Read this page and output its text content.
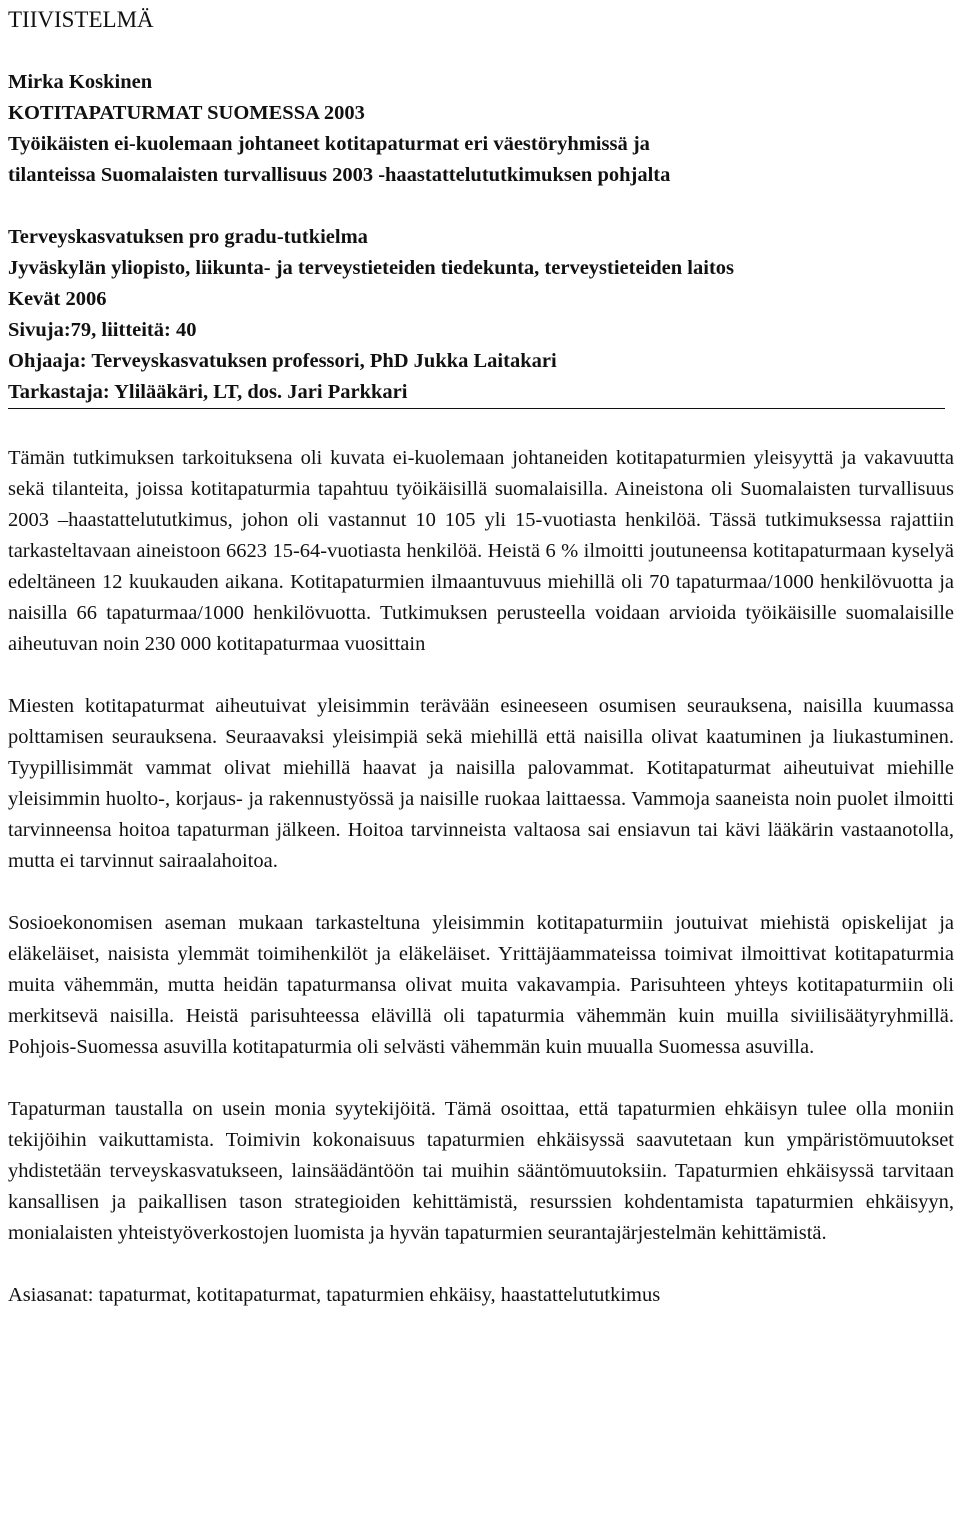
TIIVISTELMÄ
Mirka Koskinen
KOTITAPATURMAT SUOMESSA 2003
Työikäisten ei-kuolemaan johtaneet kotitapaturmat eri väestöryhmissä ja
tilanteissa Suomalaisten turvallisuus 2003 -haastattelututkimuksen pohjalta
Terveyskasvatuksen pro gradu-tutkielma
Jyväskylän yliopisto, liikunta- ja terveystieteiden tiedekunta, terveystieteiden laitos
Kevät 2006
Sivuja:79, liitteitä: 40
Ohjaaja: Terveyskasvatuksen professori, PhD Jukka Laitakari
Tarkastaja: Ylilääkäri, LT, dos. Jari Parkkari

Tämän tutkimuksen tarkoituksena oli kuvata ei-kuolemaan johtaneiden kotitapaturmien yleisyyttä ja vakavuutta sekä tilanteita, joissa kotitapaturmia tapahtuu työikäisillä suomalaisilla. Aineistona oli Suomalaisten turvallisuus 2003 –haastattelututkimus, johon oli vastannut 10 105 yli 15-vuotiasta henkilöä. Tässä tutkimuksessa rajattiin tarkasteltavaan aineistoon 6623 15-64-vuotiasta henkilöä. Heistä 6 % ilmoitti joutuneensa kotitapaturmaan kyselyä edeltäneen 12 kuukauden aikana. Kotitapaturmien ilmaantuvuus miehillä oli 70 tapaturmaa/1000 henkilövuotta ja naisilla 66 tapaturmaa/1000 henkilövuotta. Tutkimuksen perusteella voidaan arvioida työikäisille suomalaisille aiheutuvan noin 230 000 kotitapaturmaa vuosittain

Miesten kotitapaturmat aiheutuivat yleisimmin terävään esineeseen osumisen seurauksena, naisilla kuumassa polttamisen seurauksena. Seuraavaksi yleisimpiä sekä miehillä että naisilla olivat kaatuminen ja liukastuminen. Tyypillisimmät vammat olivat miehillä haavat ja naisilla palovammat. Kotitapaturmat aiheutuivat miehille yleisimmin huolto-, korjaus- ja rakennustyössä ja naisille ruokaa laittaessa. Vammoja saaneista noin puolet ilmoitti tarvinneensa hoitoa tapaturman jälkeen. Hoitoa tarvinneista valtaosa sai ensiavun tai kävi lääkärin vastaanotolla, mutta ei tarvinnut sairaalahoitoa.

Sosioekonomisen aseman mukaan tarkasteltuna yleisimmin kotitapaturmiin joutuivat miehistä opiskelijat ja eläkeläiset, naisista ylemmät toimihenkilöt ja eläkeläiset. Yrittäjäammateissa toimivat ilmoittivat kotitapaturmia muita vähemmän, mutta heidän tapaturmansa olivat muita vakavampia. Parisuhteen yhteys kotitapaturmiin oli merkitsevä naisilla. Heistä parisuhteessa elävillä oli tapaturmia vähemmän kuin muilla siviilisäätyryhmillä. Pohjois-Suomessa asuvilla kotitapaturmia oli selvästi vähemmän kuin muualla Suomessa asuvilla.

Tapaturman taustalla on usein monia syytekijöitä. Tämä osoittaa, että tapaturmien ehkäisyn tulee olla moniin tekijöihin vaikuttamista. Toimivin kokonaisuus tapaturmien ehkäisyssä saavutetaan kun ympäristömuutokset yhdistetään terveyskasvatukseen, lainsäädäntöön tai muihin sääntömuutoksiin. Tapaturmien ehkäisyssä tarvitaan kansallisen ja paikallisen tason strategioiden kehittämistä, resurssien kohdentamista tapaturmien ehkäisyyn, monialaisten yhteistyöverkostojen luomista ja hyvän tapaturmien seurantajärjestelmän kehittämistä.

Asiasanat: tapaturmat, kotitapaturmat, tapaturmien ehkäisy, haastattelututkimus
